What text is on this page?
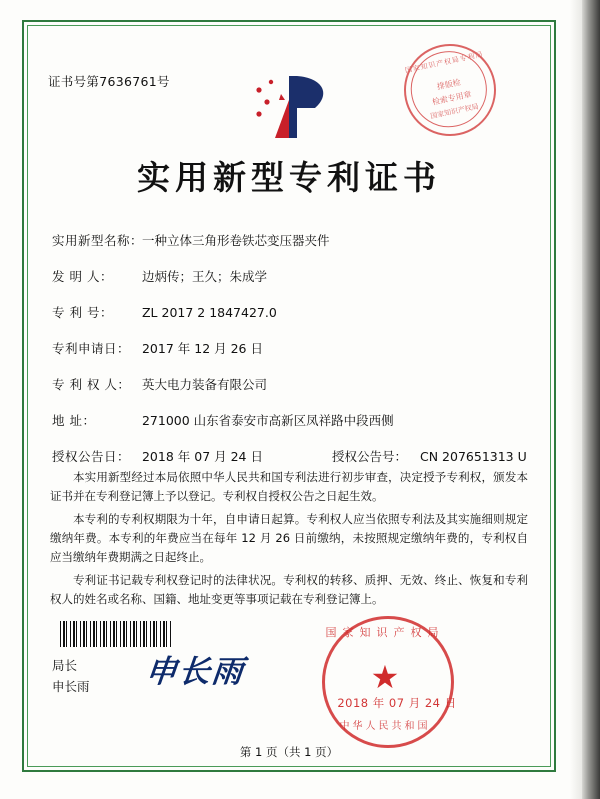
证书号第7636761号
国家知识产权局专利局
排版检
检索专用章
国家知识产权局
实用新型专利证书
实用新型名称： 一种立体三角形卷铁芯变压器夹件
发 明 人： 边炳传；王久；朱成学
专 利 号： ZL 2017 2 1847427.0
专利申请日： 2017 年 12 月 26 日
专 利 权 人： 英大电力装备有限公司
地 址：	271000 山东省泰安市高新区凤祥路中段西侧
授权公告日： 2018 年 07 月 24 日	授权公告号： CN 207651313 U

本实用新型经过本局依照中华人民共和国专利法进行初步审查，决定授予专利权，颁发本证书并在专利登记簿上予以登记。专利权自授权公告之日起生效。

本专利的专利权期限为十年，自申请日起算。专利权人应当依照专利法及其实施细则规定缴纳年费。本专利的年费应当在每年 12 月 26 日前缴纳，未按照规定缴纳年费的，专利权自应当缴纳年费期满之日起终止。

专利证书记载专利权登记时的法律状况。专利权的转移、质押、无效、终止、恢复和专利权人的姓名或名称、国籍、地址变更等事项记载在专利登记簿上。

局长
申长雨 申长雨
国家知识产权局
★
中华人民共和国
2018 年 07 月 24 日
第 1 页（共 1 页）
